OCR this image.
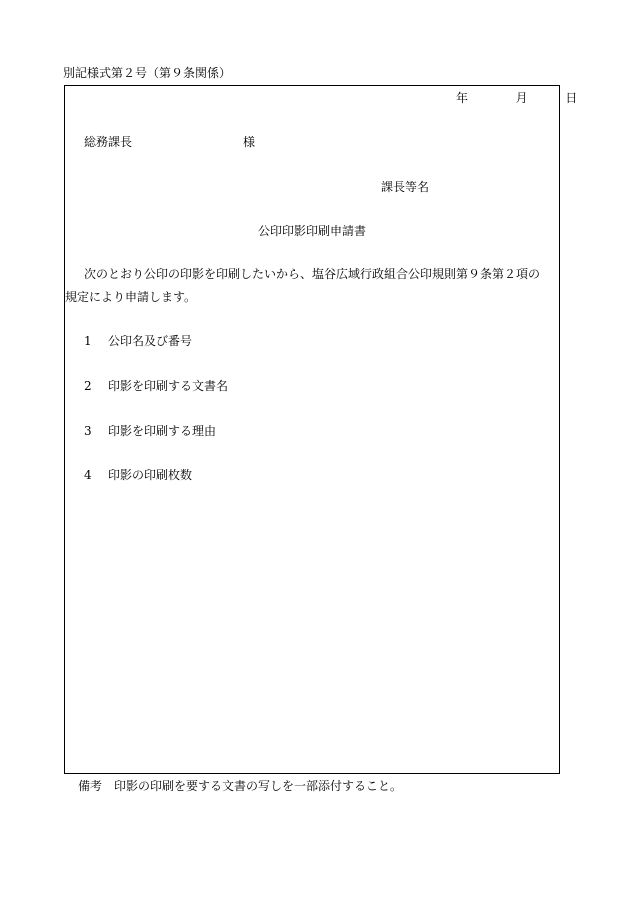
別記様式第２号（第９条関係）
年	月	日
総務課長	様
課長等名
公印印影印刷申請書
次のとおり公印の印影を印刷したいから、塩谷広域行政組合公印規則第９条第２項の
規定により申請します。
1 公印名及び番号
2 印影を印刷する文書名
3 印影を印刷する理由
4 印影の印刷枚数
備考 印影の印刷を要する文書の写しを一部添付すること。
